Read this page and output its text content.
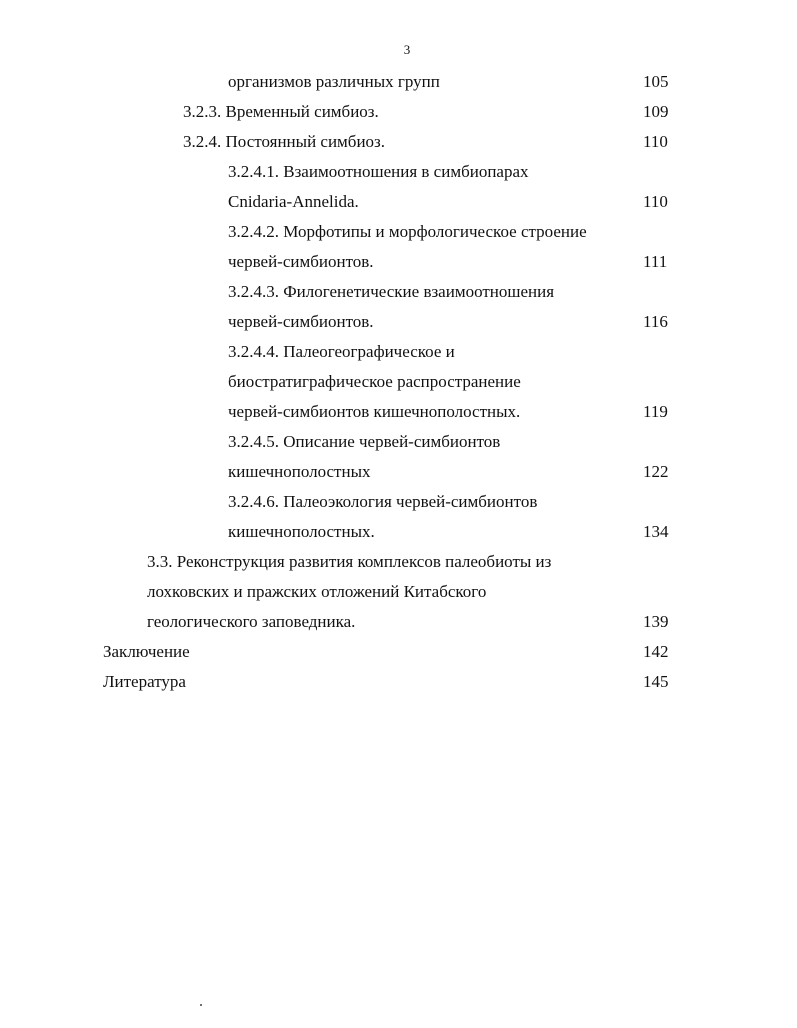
3
организмов различных групп	105
3.2.3. Временный симбиоз.	109
3.2.4. Постоянный симбиоз.	110
3.2.4.1. Взаимоотношения в симбиопарах
Cnidaria-Annelida.	110
3.2.4.2. Морфотипы и морфологическое строение
червей-симбионтов.	111
3.2.4.3. Филогенетические взаимоотношения
червей-симбионтов.	116
3.2.4.4. Палеогеографическое и
биостратиграфическое распространение
червей-симбионтов кишечнополостных.	119
3.2.4.5. Описание червей-симбионтов
кишечнополостных	122
3.2.4.6. Палеоэкология червей-симбионтов
кишечнополостных.	134
3.3. Реконструкция развития комплексов палеобиоты из
лохковских и пражских отложений Китабского
геологического заповедника.	139
Заключение	142
Литература	145
